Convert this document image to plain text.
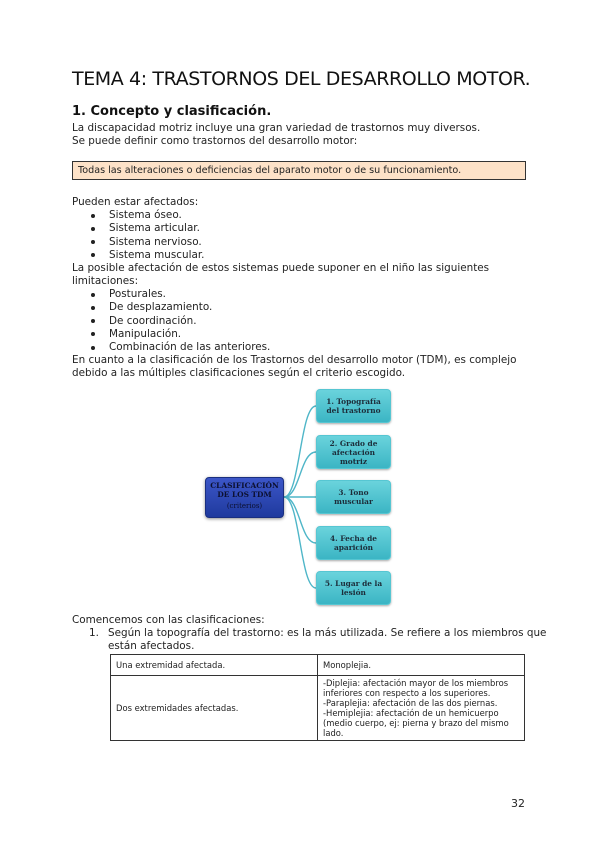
TEMA 4: TRASTORNOS DEL DESARROLLO MOTOR.
1. Concepto y clasificación.
La discapacidad motriz incluye una gran variedad de trastornos muy diversos.
Se puede definir como trastornos del desarrollo motor:
Todas las alteraciones o deficiencias del aparato motor o de su funcionamiento.
Pueden estar afectados:
Sistema óseo.
Sistema articular.
Sistema nervioso.
Sistema muscular.
La posible afectación de estos sistemas puede suponer en el niño las siguientes limitaciones:
Posturales.
De desplazamiento.
De coordinación.
Manipulación.
Combinación de las anteriores.
En cuanto a la clasificación de los Trastornos del desarrollo motor (TDM), es complejo debido a las múltiples clasificaciones según el criterio escogido.
CLASIFICACIÓN DE LOS TDM
(criterios)
1. Topografía del trastorno
2. Grado de afectación motriz
3. Tono muscular
4. Fecha de aparición
5. Lugar de la lesión
Comencemos con las clasificaciones:
1. Según la topografía del trastorno: es la más utilizada. Se refiere a los miembros que están afectados.
Una extremidad afectada.	Monoplejia.
Dos extremidades afectadas.	-Diplejia: afectación mayor de los miembros inferiores con respecto a los superiores.
-Paraplejia: afectación de las dos piernas.
-Hemiplejia: afectación de un hemicuerpo (medio cuerpo, ej: pierna y brazo del mismo lado.
32
